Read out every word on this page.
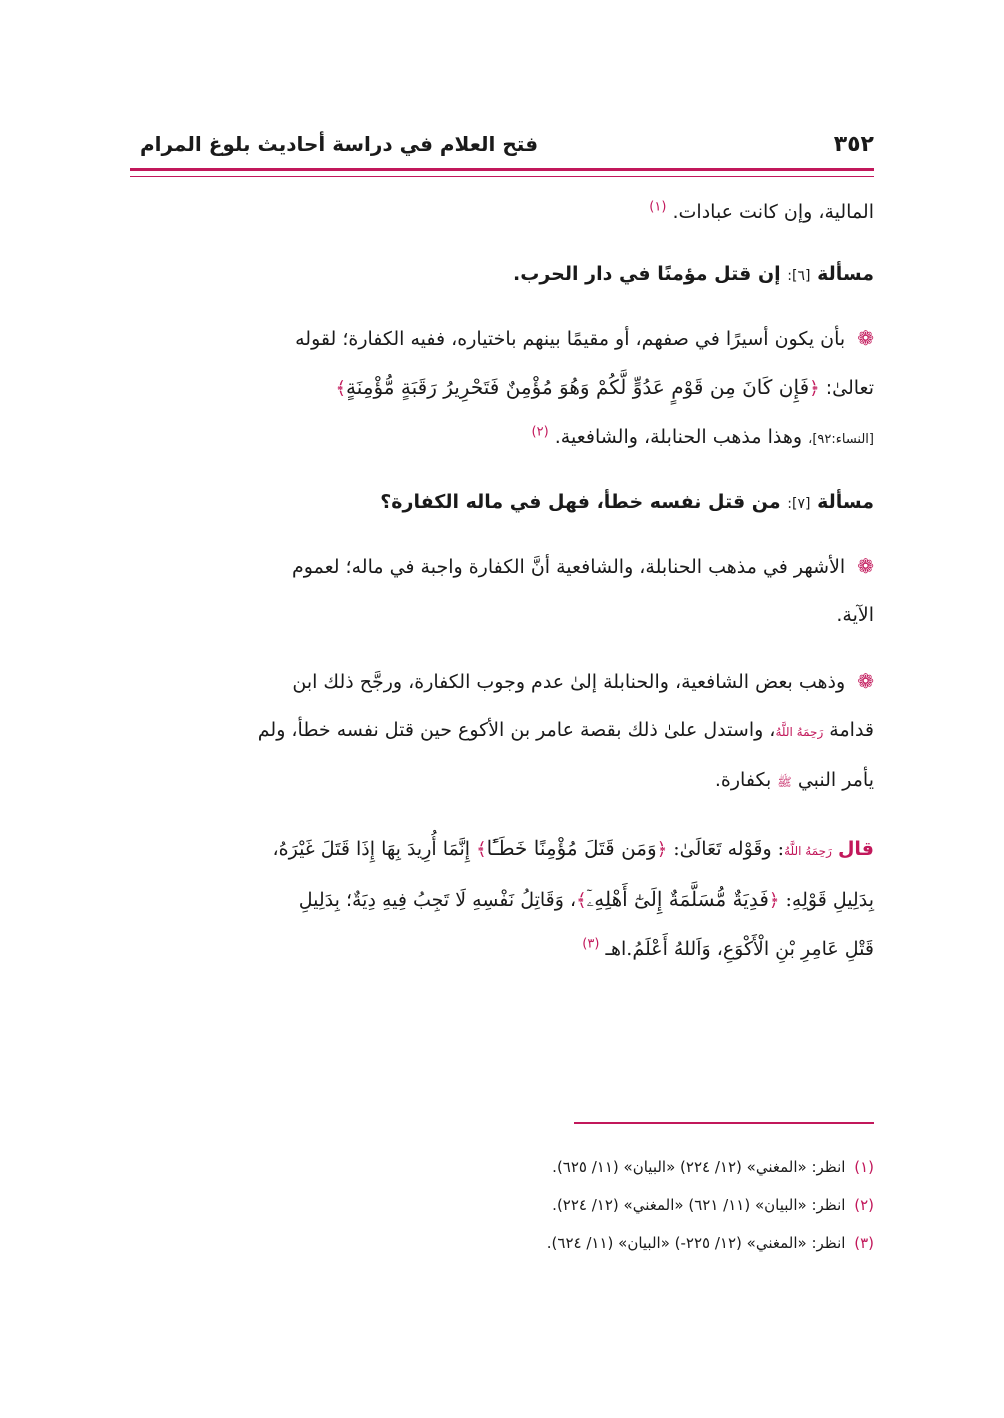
٣٥٢
فتح العلام في دراسة أحاديث بلوغ المرام

المالية، وإن كانت عبادات. $^{(١)}$

مسألة [٦]: إن قتل مؤمنًا في دار الحرب.

❁ بأن يكون أسيرًا في صفهم، أو مقيمًا بينهم باختياره، ففيه الكفارة؛ لقوله
تعالىٰ: ﴿فَإِن كَانَ مِن قَوْمٍ عَدُوٍّ لَّكُمْ وَهُوَ مُؤْمِنٌ فَتَحْرِيرُ رَقَبَةٍ مُّؤْمِنَةٍ﴾
[النساء:٩٢]، وهذا مذهب الحنابلة، والشافعية. $^{(٢)}$

مسألة [٧]: من قتل نفسه خطأ، فهل في ماله الكفارة؟

❁ الأشهر في مذهب الحنابلة، والشافعية أنَّ الكفارة واجبة في ماله؛ لعموم
الآية.

❁ وذهب بعض الشافعية، والحنابلة إلىٰ عدم وجوب الكفارة، ورجَّح ذلك ابن
قدامة رَحِمَهُ اللَّهُ، واستدل علىٰ ذلك بقصة عامر بن الأكوع حين قتل نفسه خطأ، ولم
يأمر النبي ﷺ بكفارة.

قال رَحِمَهُ اللَّهُ: وقَوْله تَعَالَىٰ: ﴿وَمَن قَتَلَ مُؤْمِنًا خَطَـًٔا﴾ إِنَّمَا أُرِيدَ بِهَا إِذَا قَتَلَ غَيْرَهُ،
بِدَلِيلِ قَوْلِهِ: ﴿فَدِيَةٌ مُّسَلَّمَةٌ إِلَىٰٓ أَهْلِهِۦٓ﴾، وَقَاتِلُ نَفْسِهِ لَا تَجِبُ فِيهِ دِيَةٌ؛ بِدَلِيلِ
قَتْلِ عَامِرِ بْنِ الْأَكْوَعِ، وَاَللهُ أَعْلَمُ.اهـ $^{(٣)}$

(١) انظر: «المغني» (١٢/ ٢٢٤) «البيان» (١١/ ٦٢٥).
(٢) انظر: «البيان» (١١/ ٦٢١) «المغني» (١٢/ ٢٢٤).
(٣) انظر: «المغني» (١٢/ ٢٢٥-) «البيان» (١١/ ٦٢٤).
